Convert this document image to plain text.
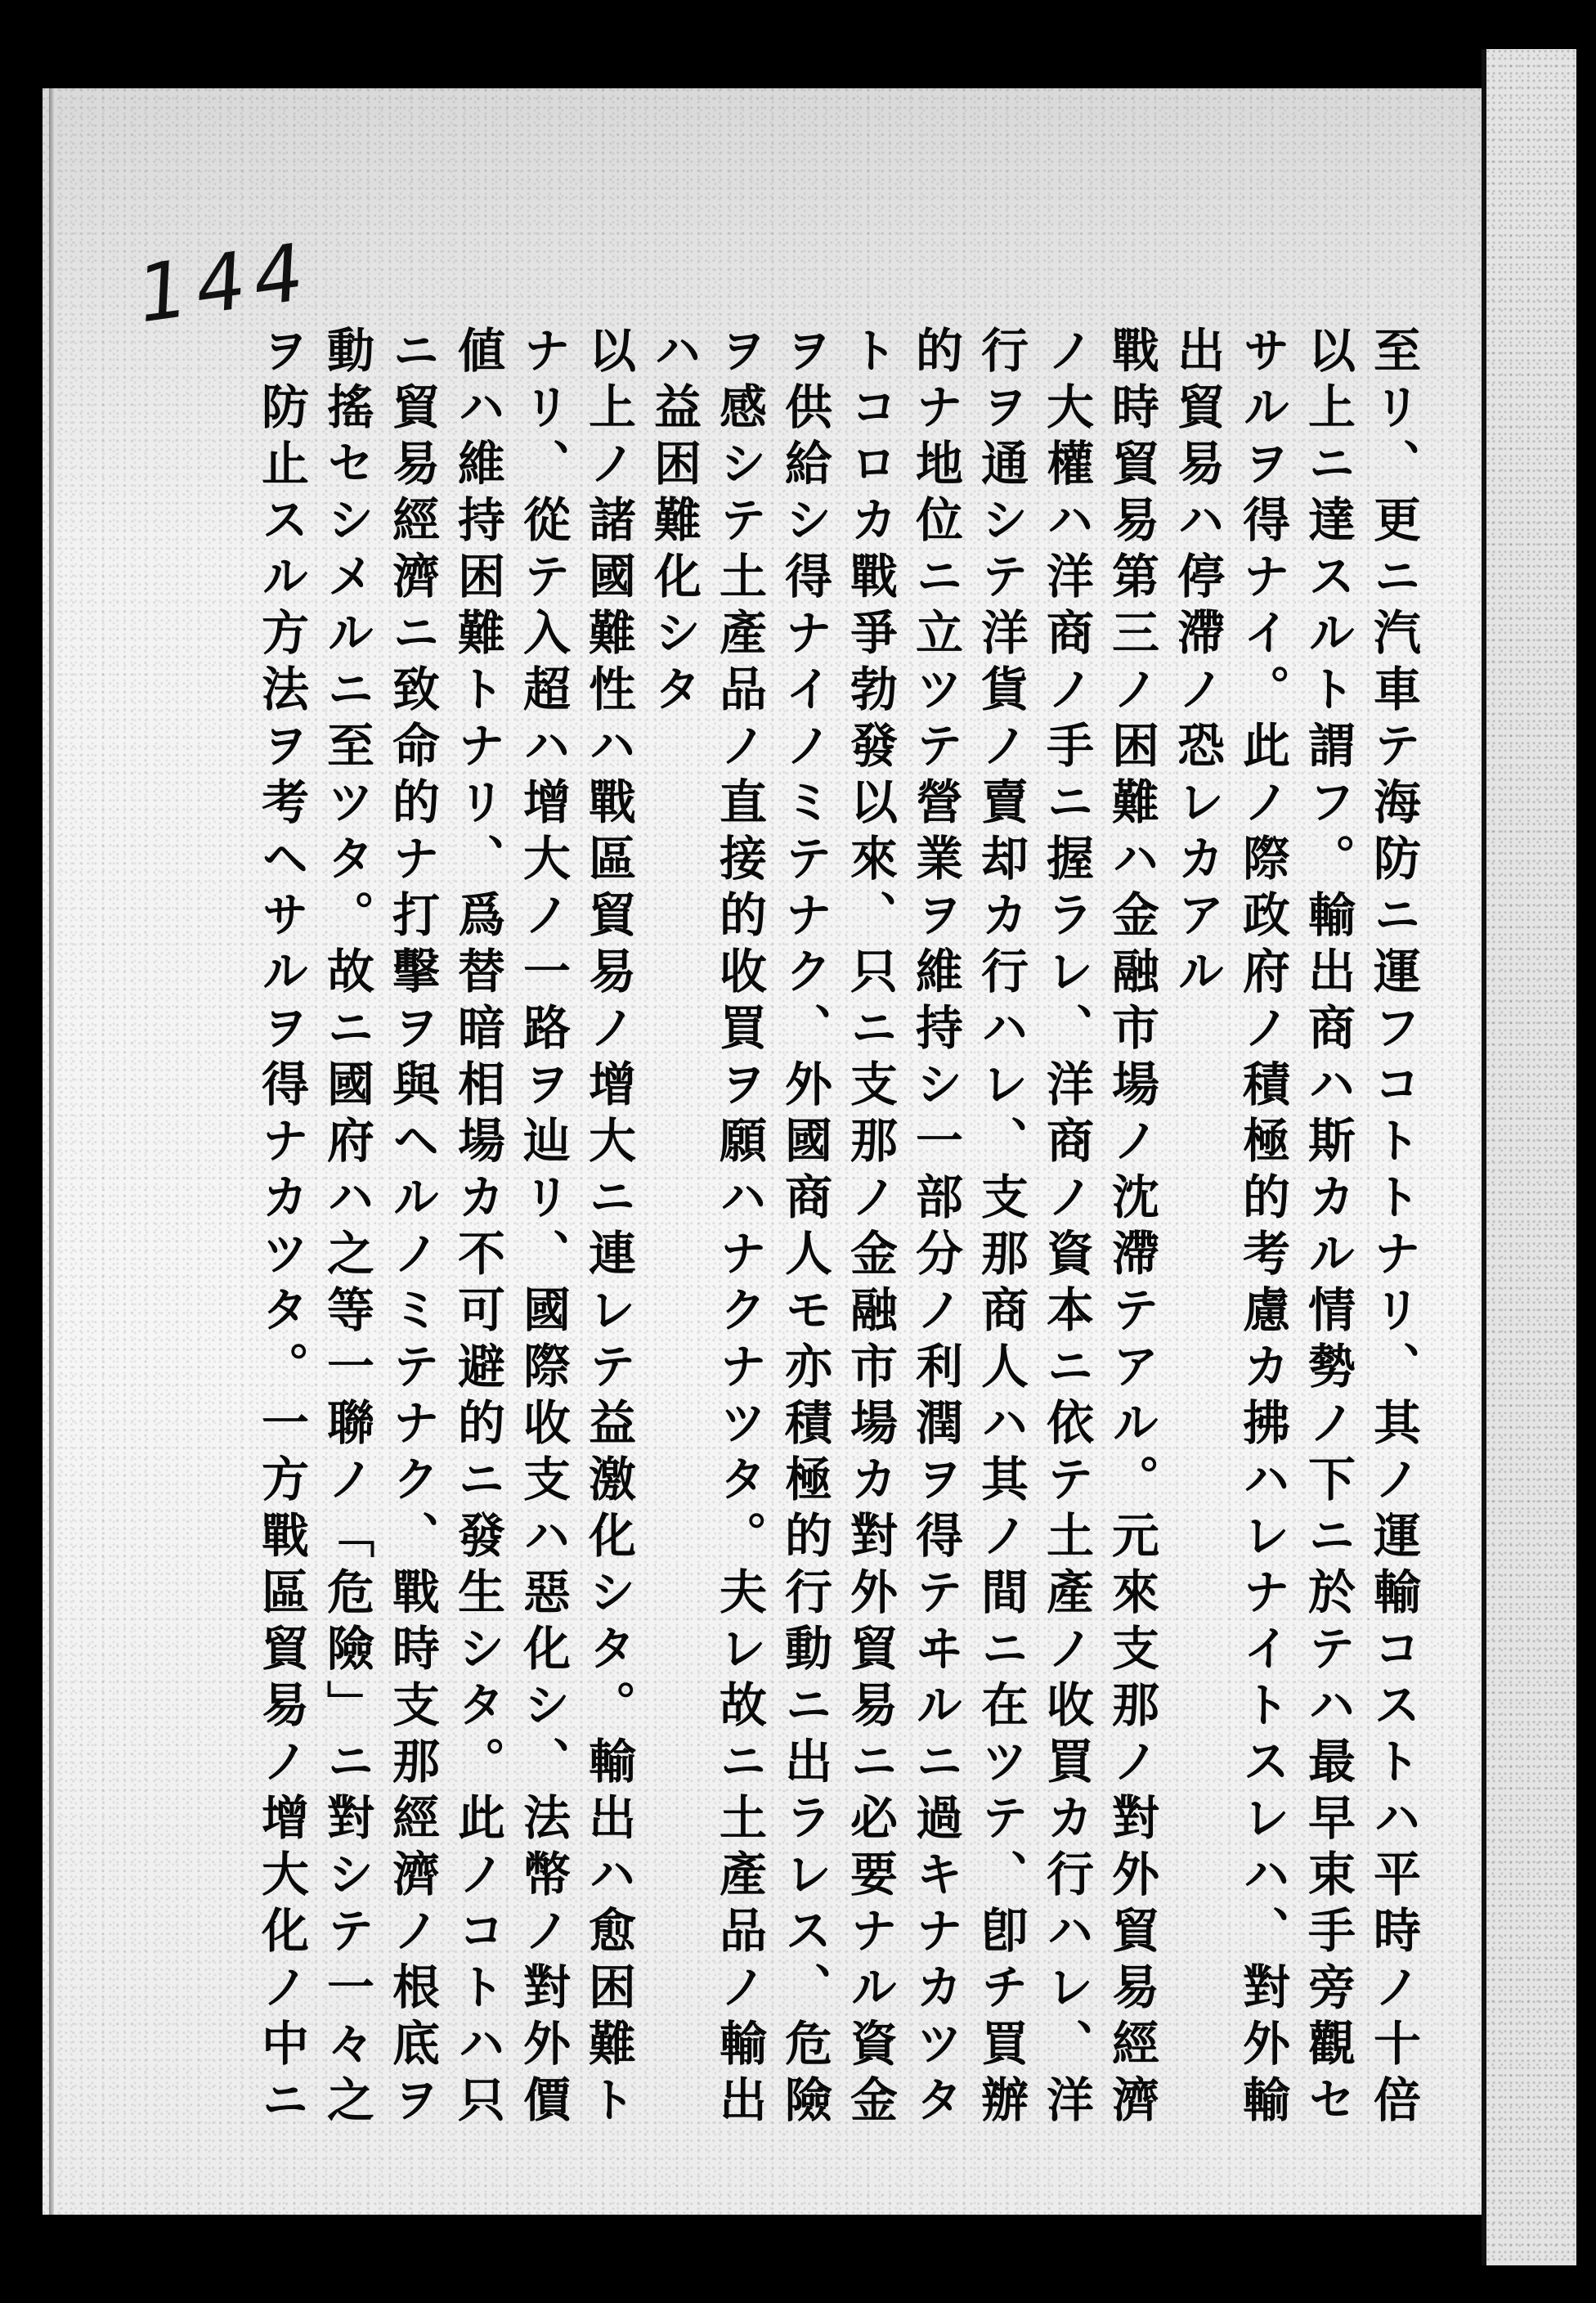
144
至リ、更ニ汽車テ海防ニ運フコトトナリ、其ノ運輸コストハ平時ノ十倍
以上ニ達スルト謂フ。輸出商ハ斯カル情勢ノ下ニ於テハ最早束手旁觀セ
サルヲ得ナイ。此ノ際政府ノ積極的考慮カ拂ハレナイトスレハ、對外輸
出貿易ハ停滯ノ恐レカアル
戰時貿易第三ノ困難ハ金融市場ノ沈滯テアル。元來支那ノ對外貿易經濟
ノ大權ハ洋商ノ手ニ握ラレ、洋商ノ資本ニ依テ土產ノ收買カ行ハレ、洋
行ヲ通シテ洋貨ノ賣却カ行ハレ、支那商人ハ其ノ間ニ在ツテ、卽チ買辦
的ナ地位ニ立ツテ營業ヲ維持シ一部分ノ利潤ヲ得テヰルニ過キナカツタ
トコロカ戰爭勃發以來、只ニ支那ノ金融市場カ對外貿易ニ必要ナル資金
ヲ供給シ得ナイノミテナク、外國商人モ亦積極的行動ニ出ラレス、危險
ヲ感シテ土產品ノ直接的收買ヲ願ハナクナツタ。夫レ故ニ土產品ノ輸出
ハ益困難化シタ
以上ノ諸國難性ハ戰區貿易ノ增大ニ連レテ益激化シタ。輸出ハ愈困難ト
ナリ、從テ入超ハ增大ノ一路ヲ辿リ、國際收支ハ惡化シ、法幣ノ對外價
値ハ維持困難トナリ、爲替暗相場カ不可避的ニ發生シタ。此ノコトハ只
ニ貿易經濟ニ致命的ナ打擊ヲ與ヘルノミテナク、戰時支那經濟ノ根底ヲ
動搖セシメルニ至ツタ。故ニ國府ハ之等一聯ノ「危險」ニ對シテ一々之
ヲ防止スル方法ヲ考ヘサルヲ得ナカツタ。一方戰區貿易ノ增大化ノ中ニ
